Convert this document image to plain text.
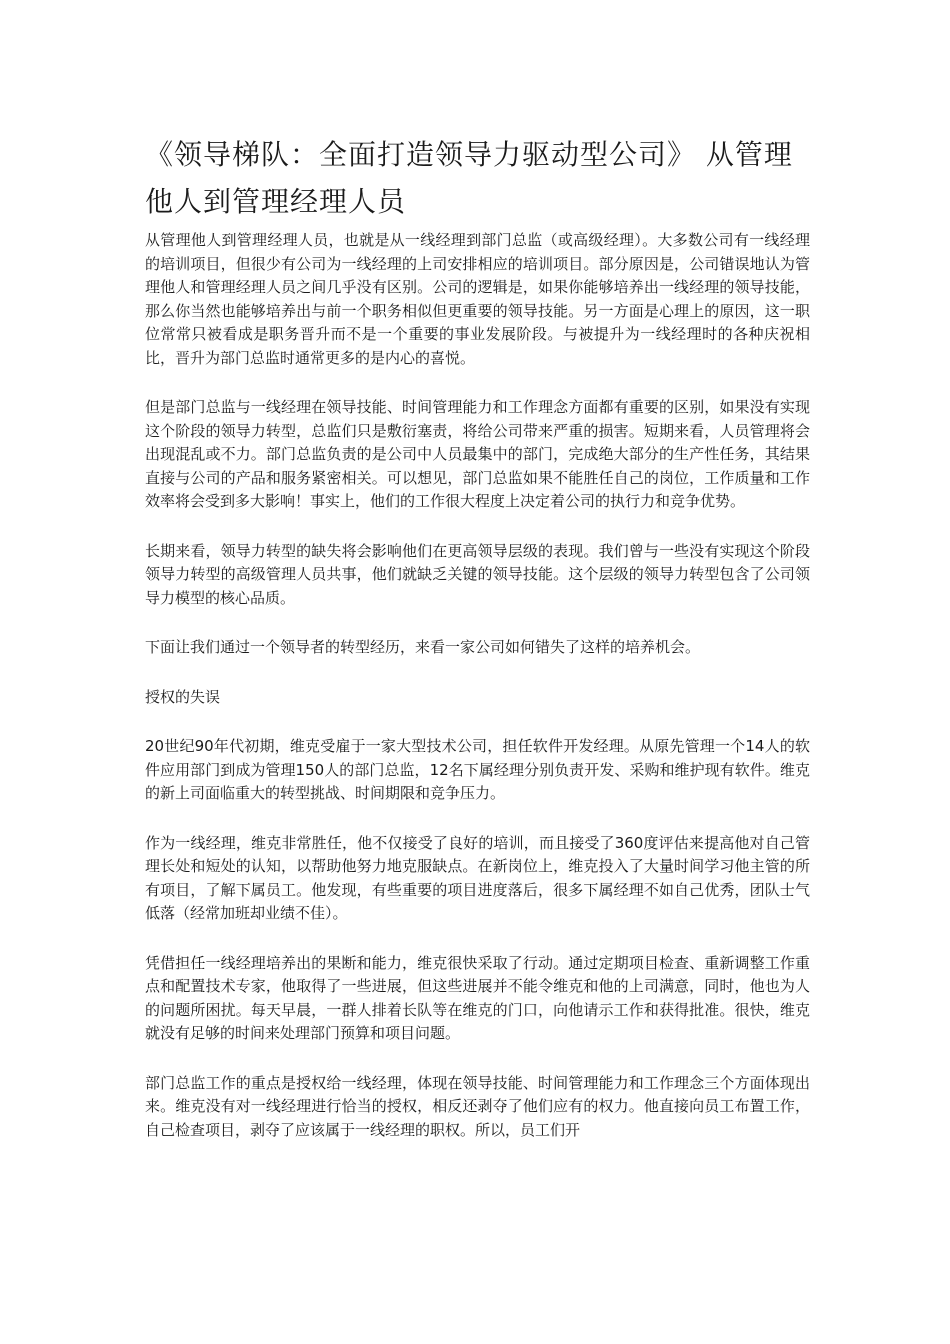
《领导梯队：全面打造领导力驱动型公司》 从管理他人到管理经理人员

从管理他人到管理经理人员，也就是从一线经理到部门总监（或高级经理）。大多数公司有一线经理的培训项目，但很少有公司为一线经理的上司安排相应的培训项目。部分原因是，公司错误地认为管理他人和管理经理人员之间几乎没有区别。公司的逻辑是，如果你能够培养出一线经理的领导技能，那么你当然也能够培养出与前一个职务相似但更重要的领导技能。另一方面是心理上的原因，这一职位常常只被看成是职务晋升而不是一个重要的事业发展阶段。与被提升为一线经理时的各种庆祝相比，晋升为部门总监时通常更多的是内心的喜悦。

但是部门总监与一线经理在领导技能、时间管理能力和工作理念方面都有重要的区别，如果没有实现这个阶段的领导力转型，总监们只是敷衍塞责，将给公司带来严重的损害。短期来看，人员管理将会出现混乱或不力。部门总监负责的是公司中人员最集中的部门，完成绝大部分的生产性任务，其结果直接与公司的产品和服务紧密相关。可以想见，部门总监如果不能胜任自己的岗位，工作质量和工作效率将会受到多大影响！事实上，他们的工作很大程度上决定着公司的执行力和竞争优势。

长期来看，领导力转型的缺失将会影响他们在更高领导层级的表现。我们曾与一些没有实现这个阶段领导力转型的高级管理人员共事，他们就缺乏关键的领导技能。这个层级的领导力转型包含了公司领导力模型的核心品质。

下面让我们通过一个领导者的转型经历，来看一家公司如何错失了这样的培养机会。

授权的失误

20世纪90年代初期，维克受雇于一家大型技术公司，担任软件开发经理。从原先管理一个14人的软件应用部门到成为管理150人的部门总监，12名下属经理分别负责开发、采购和维护现有软件。维克的新上司面临重大的转型挑战、时间期限和竞争压力。

作为一线经理，维克非常胜任，他不仅接受了良好的培训，而且接受了360度评估来提高他对自己管理长处和短处的认知，以帮助他努力地克服缺点。在新岗位上，维克投入了大量时间学习他主管的所有项目，了解下属员工。他发现，有些重要的项目进度落后，很多下属经理不如自己优秀，团队士气低落（经常加班却业绩不佳）。

凭借担任一线经理培养出的果断和能力，维克很快采取了行动。通过定期项目检查、重新调整工作重点和配置技术专家，他取得了一些进展，但这些进展并不能令维克和他的上司满意，同时，他也为人的问题所困扰。每天早晨，一群人排着长队等在维克的门口，向他请示工作和获得批准。很快，维克就没有足够的时间来处理部门预算和项目问题。

部门总监工作的重点是授权给一线经理，体现在领导技能、时间管理能力和工作理念三个方面体现出来。维克没有对一线经理进行恰当的授权，相反还剥夺了他们应有的权力。他直接向员工布置工作，自己检查项目，剥夺了应该属于一线经理的职权。所以，员工们开
